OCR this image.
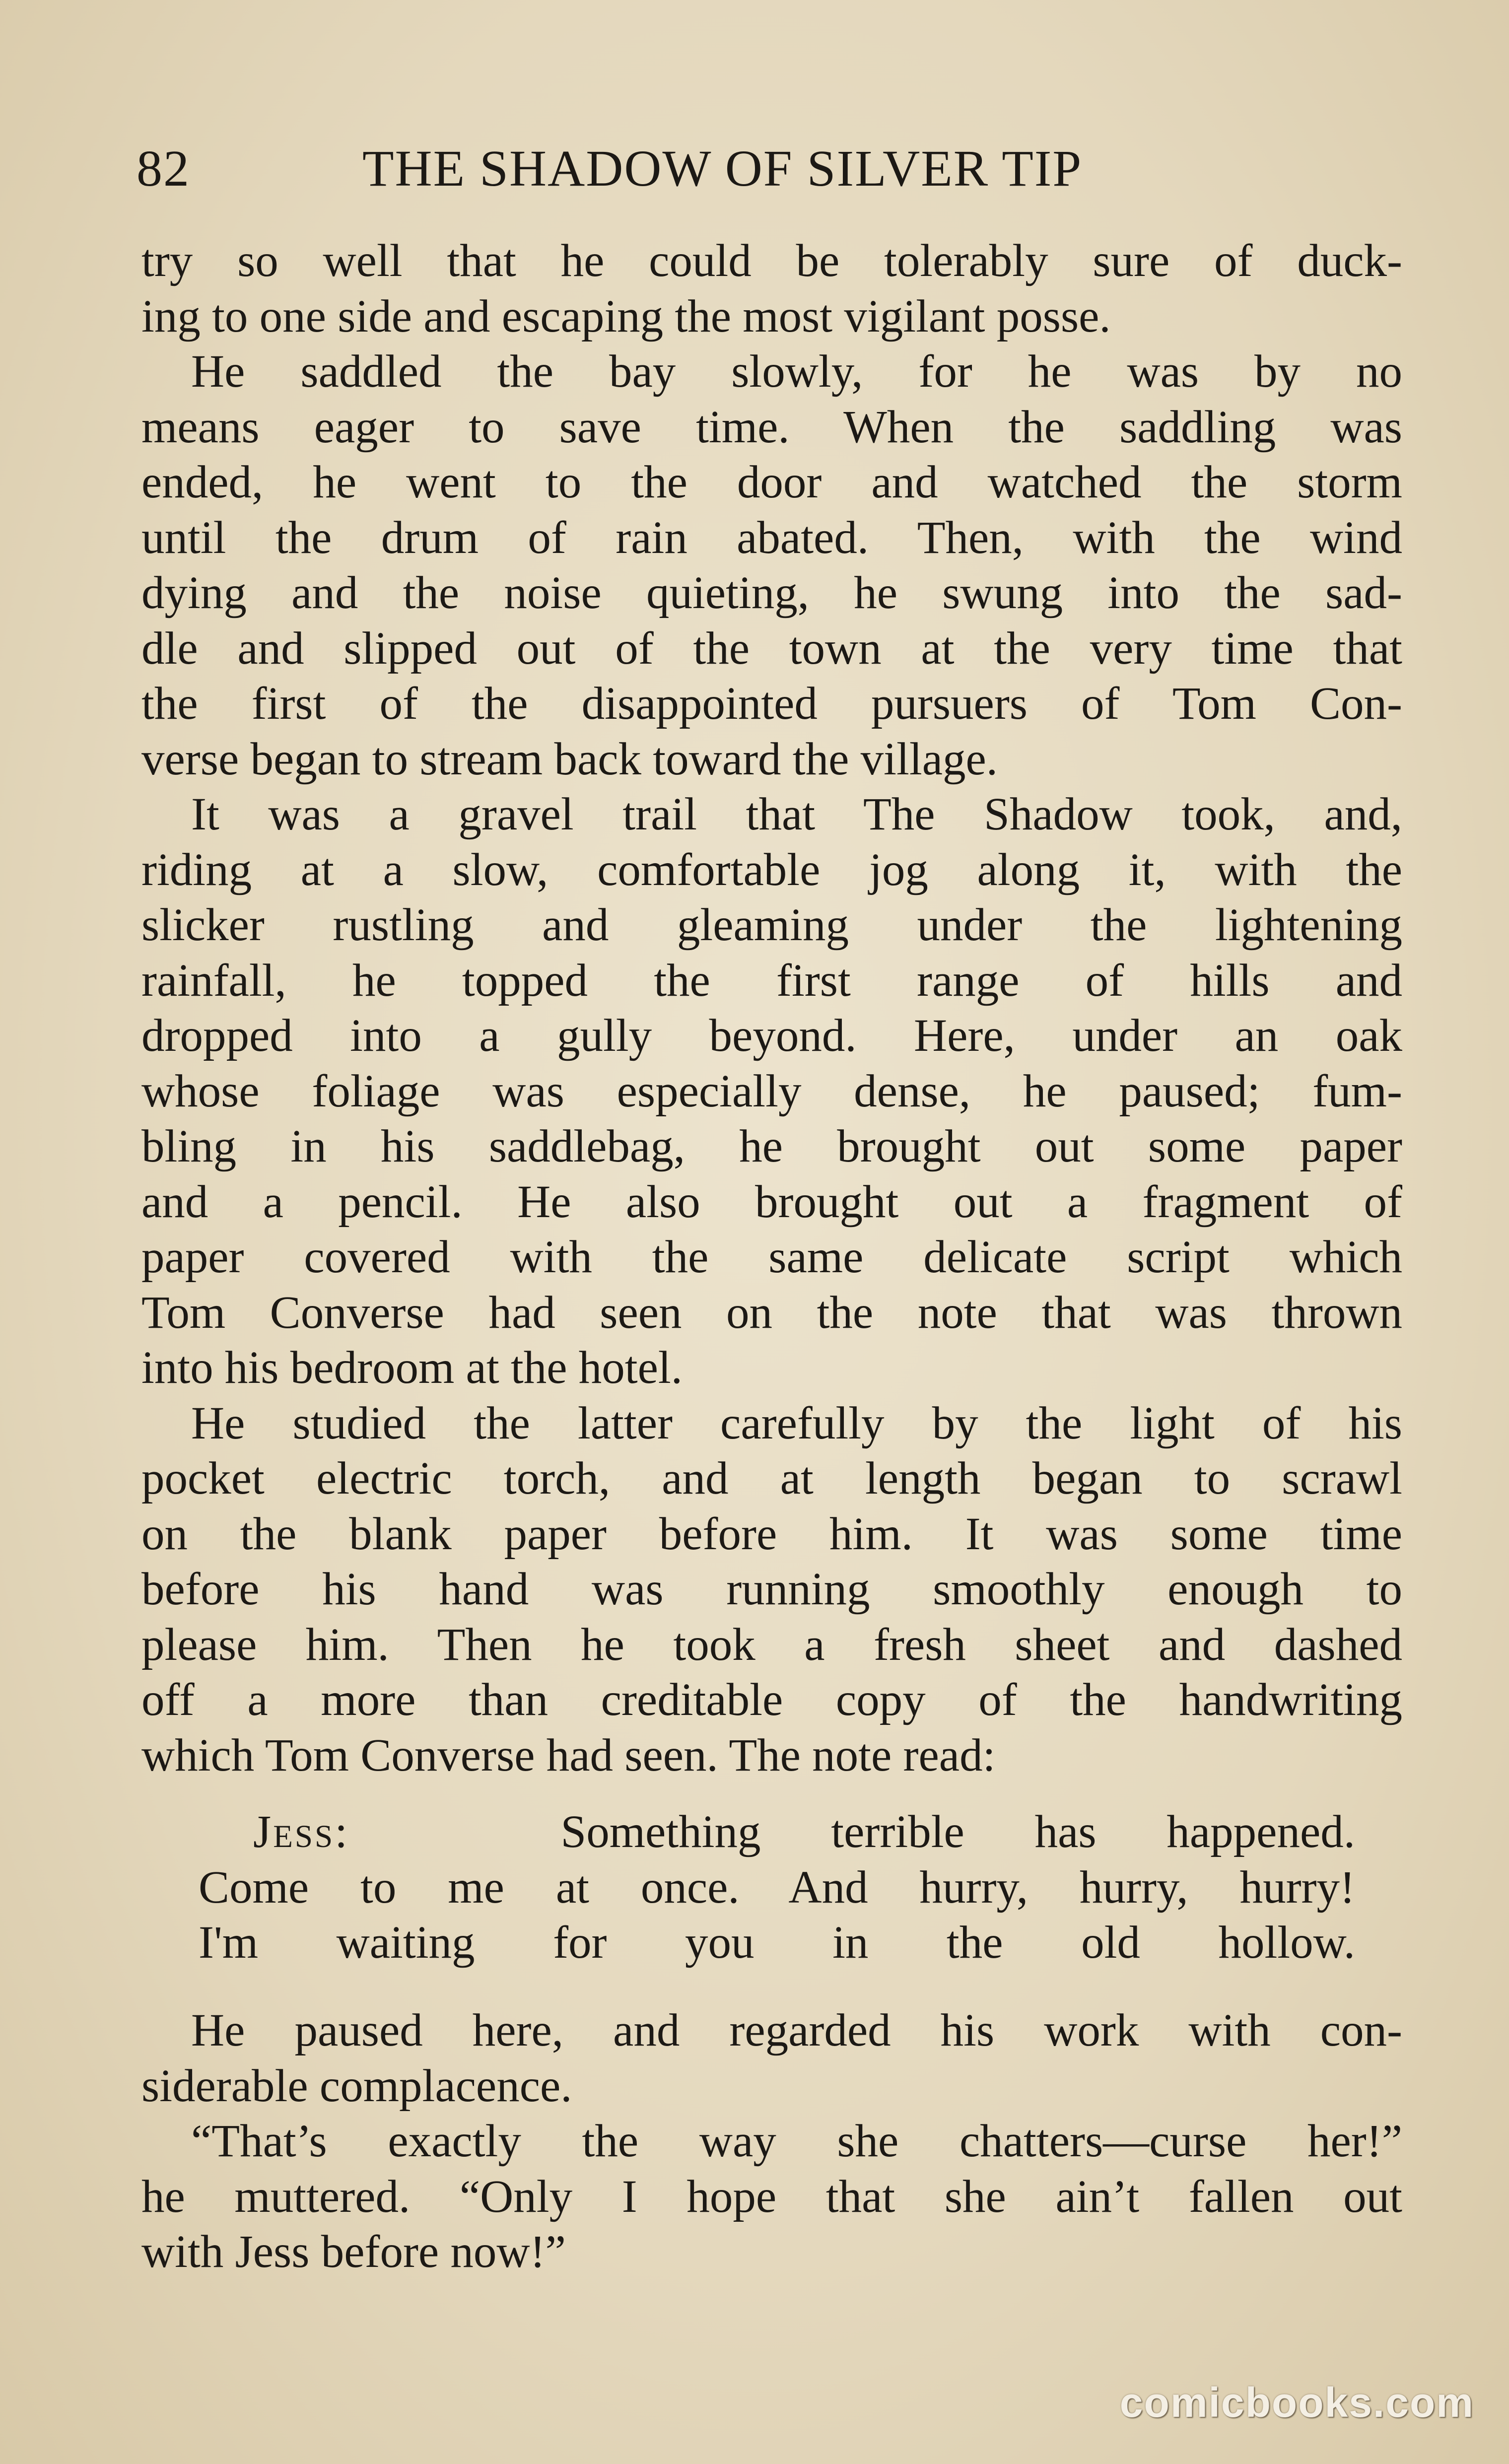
82	THE SHADOW OF SILVER TIP
try so well that he could be tolerably sure of duck-
ing to one side and escaping the most vigilant posse.
He saddled the bay slowly, for he was by no
means eager to save time. When the saddling was
ended, he went to the door and watched the storm
until the drum of rain abated. Then, with the wind
dying and the noise quieting, he swung into the sad-
dle and slipped out of the town at the very time that
the first of the disappointed pursuers of Tom Con-
verse began to stream back toward the village.
It was a gravel trail that The Shadow took, and,
riding at a slow, comfortable jog along it, with the
slicker rustling and gleaming under the lightening
rainfall, he topped the first range of hills and
dropped into a gully beyond. Here, under an oak
whose foliage was especially dense, he paused; fum-
bling in his saddlebag, he brought out some paper
and a pencil. He also brought out a fragment of
paper covered with the same delicate script which
Tom Converse had seen on the note that was thrown
into his bedroom at the hotel.
He studied the latter carefully by the light of his
pocket electric torch, and at length began to scrawl
on the blank paper before him. It was some time
before his hand was running smoothly enough to
please him. Then he took a fresh sheet and dashed
off a more than creditable copy of the handwriting
which Tom Converse had seen. The note read:
Jess:	Something terrible has happened.
Come to me at once. And hurry, hurry, hurry!
I'm waiting for you in the old hollow.
He paused here, and regarded his work with con-
siderable complacence.
“That’s exactly the way she chatters—curse her!”
he muttered. “Only I hope that she ain’t fallen out
with Jess before now!”
comicbooks.com
